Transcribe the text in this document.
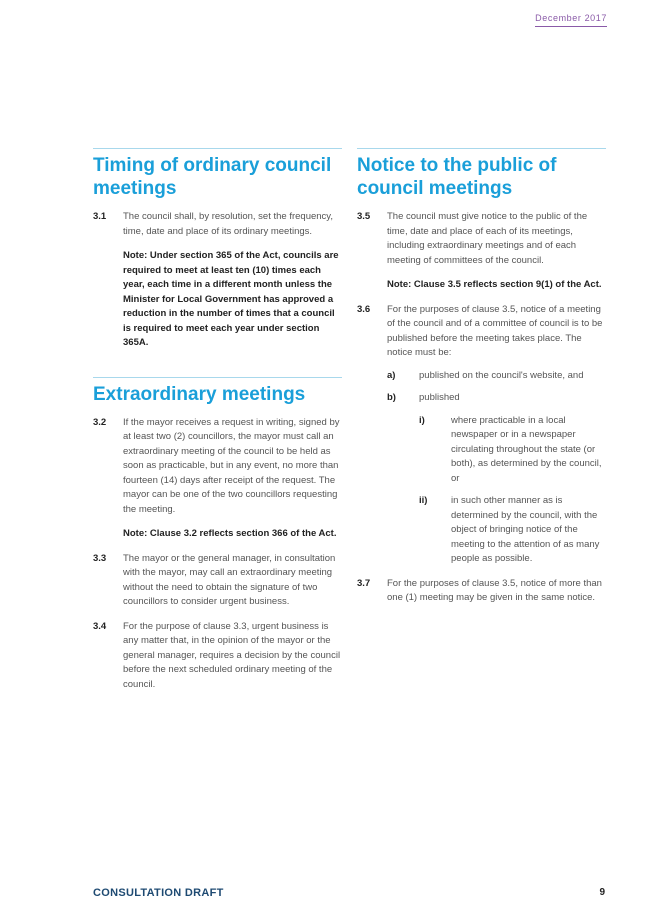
December 2017
Timing of ordinary council meetings
3.1 The council shall, by resolution, set the frequency, time, date and place of its ordinary meetings.
Note: Under section 365 of the Act, councils are required to meet at least ten (10) times each year, each time in a different month unless the Minister for Local Government has approved a reduction in the number of times that a council is required to meet each year under section 365A.
Extraordinary meetings
3.2 If the mayor receives a request in writing, signed by at least two (2) councillors, the mayor must call an extraordinary meeting of the council to be held as soon as practicable, but in any event, no more than fourteen (14) days after receipt of the request. The mayor can be one of the two councillors requesting the meeting.
Note: Clause 3.2 reflects section 366 of the Act.
3.3 The mayor or the general manager, in consultation with the mayor, may call an extraordinary meeting without the need to obtain the signature of two councillors to consider urgent business.
3.4 For the purpose of clause 3.3, urgent business is any matter that, in the opinion of the mayor or the general manager, requires a decision by the council before the next scheduled ordinary meeting of the council.
Notice to the public of council meetings
3.5 The council must give notice to the public of the time, date and place of each of its meetings, including extraordinary meetings and of each meeting of committees of the council.
Note: Clause 3.5 reflects section 9(1) of the Act.
3.6 For the purposes of clause 3.5, notice of a meeting of the council and of a committee of council is to be published before the meeting takes place. The notice must be:
a) published on the council's website, and
b) published
i)	where practicable in a local newspaper or in a newspaper circulating throughout the state (or both), as determined by the council, or
ii) in such other manner as is determined by the council, with the object of bringing notice of the meeting to the attention of as many people as possible.
3.7 For the purposes of clause 3.5, notice of more than one (1) meeting may be given in the same notice.
CONSULTATION DRAFT	9
